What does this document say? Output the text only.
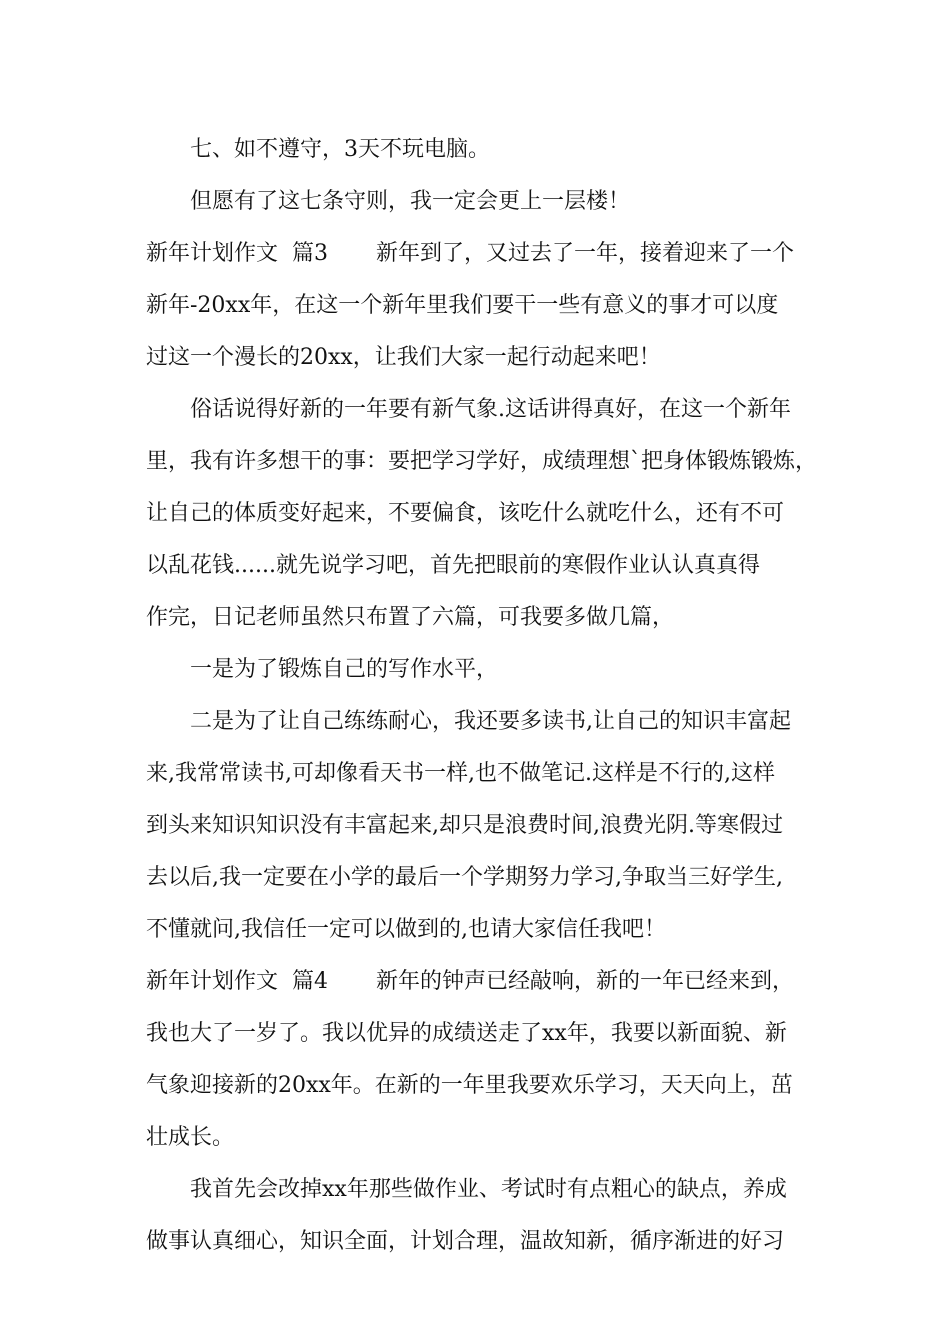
七、如不遵守，3天不玩电脑。
但愿有了这七条守则，我一定会更上一层楼！
新年计划作文  篇3 新年到了，又过去了一年，接着迎来了一个
新年-20xx年，在这一个新年里我们要干一些有意义的事才可以度
过这一个漫长的20xx，让我们大家一起行动起来吧！
俗话说得好新的一年要有新气象.这话讲得真好，在这一个新年
里，我有许多想干的事：要把学习学好，成绩理想`把身体锻炼锻炼，
让自己的体质变好起来，不要偏食，该吃什么就吃什么，还有不可
以乱花钱......就先说学习吧，首先把眼前的寒假作业认认真真得
作完，日记老师虽然只布置了六篇，可我要多做几篇，
一是为了锻炼自己的写作水平，
二是为了让自己练练耐心，我还要多读书,让自己的知识丰富起
来,我常常读书,可却像看天书一样,也不做笔记.这样是不行的,这样
到头来知识知识没有丰富起来,却只是浪费时间,浪费光阴.等寒假过
去以后,我一定要在小学的最后一个学期努力学习,争取当三好学生,
不懂就问,我信任一定可以做到的,也请大家信任我吧！
新年计划作文  篇4 新年的钟声已经敲响，新的一年已经来到，
我也大了一岁了。我以优异的成绩送走了xx年，我要以新面貌、新
气象迎接新的20xx年。在新的一年里我要欢乐学习，天天向上，茁
壮成长。
我首先会改掉xx年那些做作业、考试时有点粗心的缺点，养成
做事认真细心，知识全面，计划合理，温故知新，循序渐进的好习
